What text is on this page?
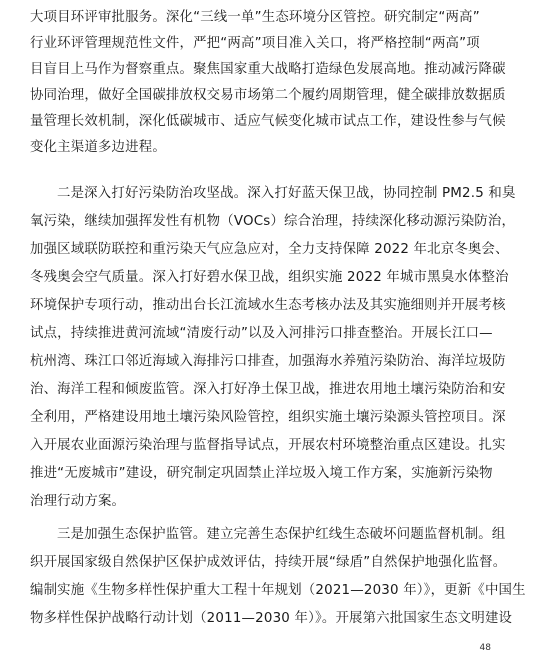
大项目环评审批服务。深化“三线一单”生态环境分区管控。研究制定“两高”
行业环评管理规范性文件，严把“两高”项目准入关口，将严格控制“两高”项
目盲目上马作为督察重点。聚焦国家重大战略打造绿色发展高地。推动减污降碳
协同治理，做好全国碳排放权交易市场第二个履约周期管理，健全碳排放数据质
量管理长效机制，深化低碳城市、适应气候变化城市试点工作，建设性参与气候
变化主渠道多边进程。
二是深入打好污染防治攻坚战。深入打好蓝天保卫战，协同控制 PM2.5 和臭
氧污染，继续加强挥发性有机物（VOCs）综合治理，持续深化移动源污染防治，
加强区域联防联控和重污染天气应急应对，全力支持保障 2022 年北京冬奥会、
冬残奥会空气质量。深入打好碧水保卫战，组织实施 2022 年城市黑臭水体整治
环境保护专项行动，推动出台长江流域水生态考核办法及其实施细则并开展考核
试点，持续推进黄河流域“清废行动”以及入河排污口排查整治。开展长江口—
杭州湾、珠江口邻近海域入海排污口排查，加强海水养殖污染防治、海洋垃圾防
治、海洋工程和倾废监管。深入打好净土保卫战，推进农用地土壤污染防治和安
全利用，严格建设用地土壤污染风险管控，组织实施土壤污染源头管控项目。深
入开展农业面源污染治理与监督指导试点，开展农村环境整治重点区建设。扎实
推进“无废城市”建设，研究制定巩固禁止洋垃圾入境工作方案，实施新污染物
治理行动方案。
三是加强生态保护监管。建立完善生态保护红线生态破坏问题监督机制。组
织开展国家级自然保护区保护成效评估，持续开展“绿盾”自然保护地强化监督。
编制实施《生物多样性保护重大工程十年规划（2021—2030 年）》，更新《中国生
物多样性保护战略行动计划（2011—2030 年）》。开展第六批国家生态文明建设
48
